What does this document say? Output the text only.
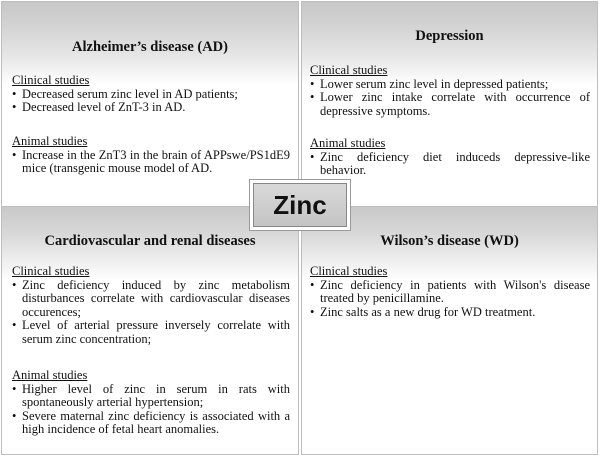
Alzheimer’s disease (AD)
Clinical studies
• Decreased serum zinc level in AD patients;
• Decreased level of ZnT-3 in AD.
Animal studies
• Increase in the ZnT3 in the brain of APPswe/PS1dE9 mice (transgenic mouse model of AD.
Depression
Clinical studies
• Lower serum zinc level in depressed patients;
• Lower zinc intake correlate with occurrence of depressive symptoms.
Animal studies
• Zinc deficiency diet induceds depressive-like behavior.
Cardiovascular and renal diseases
Clinical studies
• Zinc deficiency induced by zinc metabolism disturbances correlate with cardiovascular diseases occurences;
• Level of arterial pressure inversely correlate with serum zinc concentration;
Animal studies
• Higher level of zinc in serum in rats with spontaneously arterial hypertension;
• Severe maternal zinc deficiency is associated with a high incidence of fetal heart anomalies.
Wilson’s disease (WD)
Clinical studies
• Zinc deficiency in patients with Wilson's disease treated by penicillamine.
• Zinc salts as a new drug for WD treatment.
Zinc
